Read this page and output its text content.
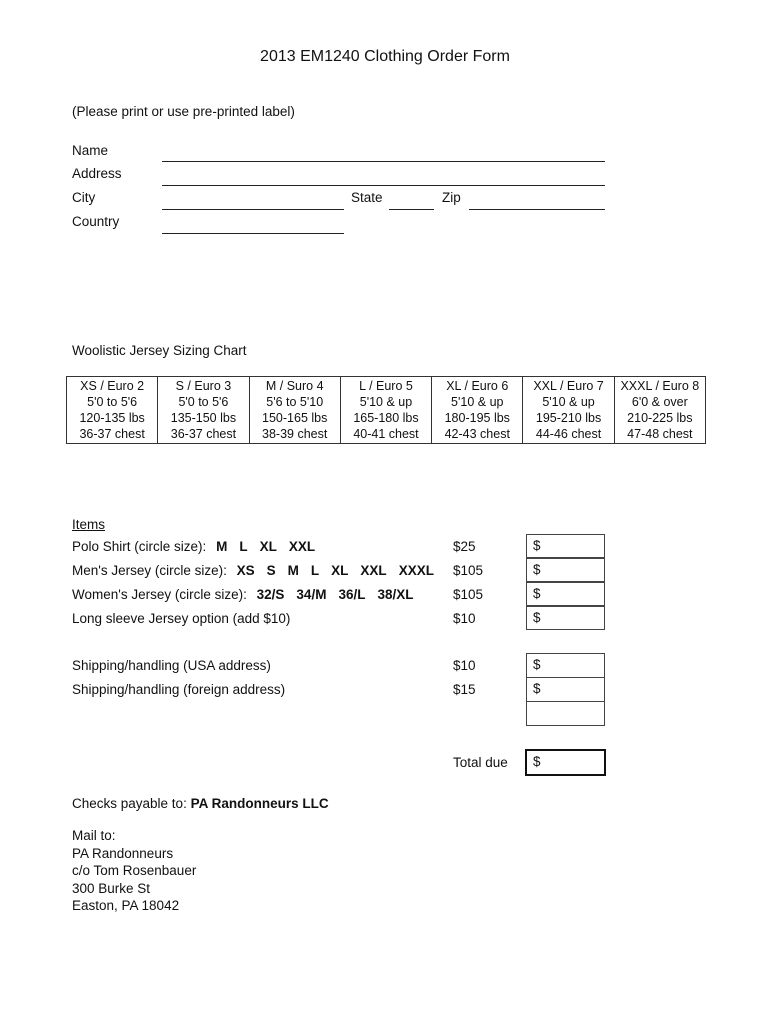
2013 EM1240 Clothing Order Form
(Please print or use pre-printed label)
Name
Address
City	State	Zip
Country
Woolistic Jersey Sizing Chart
XS / Euro 2
5'0 to 5'6
120-135 lbs
36-37 chest

S / Euro 3
5'0 to 5'6
135-150 lbs
36-37 chest

M / Suro 4
5'6 to 5'10
150-165 lbs
38-39 chest

L / Euro 5
5'10 & up
165-180 lbs
40-41 chest

XL / Euro 6
5'10 & up
180-195 lbs
42-43 chest

XXL / Euro 7
5'10 & up
195-210 lbs
44-46 chest

XXXL / Euro 8
6'0 & over
210-225 lbs
47-48 chest
Items
Polo Shirt (circle size): M L XL XXL	$25	$
Men's Jersey (circle size): XS S M L XL XXL XXXL	$105	$
Women's Jersey (circle size): 32/S 34/M 36/L 38/XL	$105	$
Long sleeve Jersey option (add $10)	$10	$
Shipping/handling (USA address)	$10	$
Shipping/handling (foreign address)	$15	$
Total due	$
Checks payable to: PA Randonneurs LLC
Mail to:
PA Randonneurs
c/o Tom Rosenbauer
300 Burke St
Easton, PA 18042
